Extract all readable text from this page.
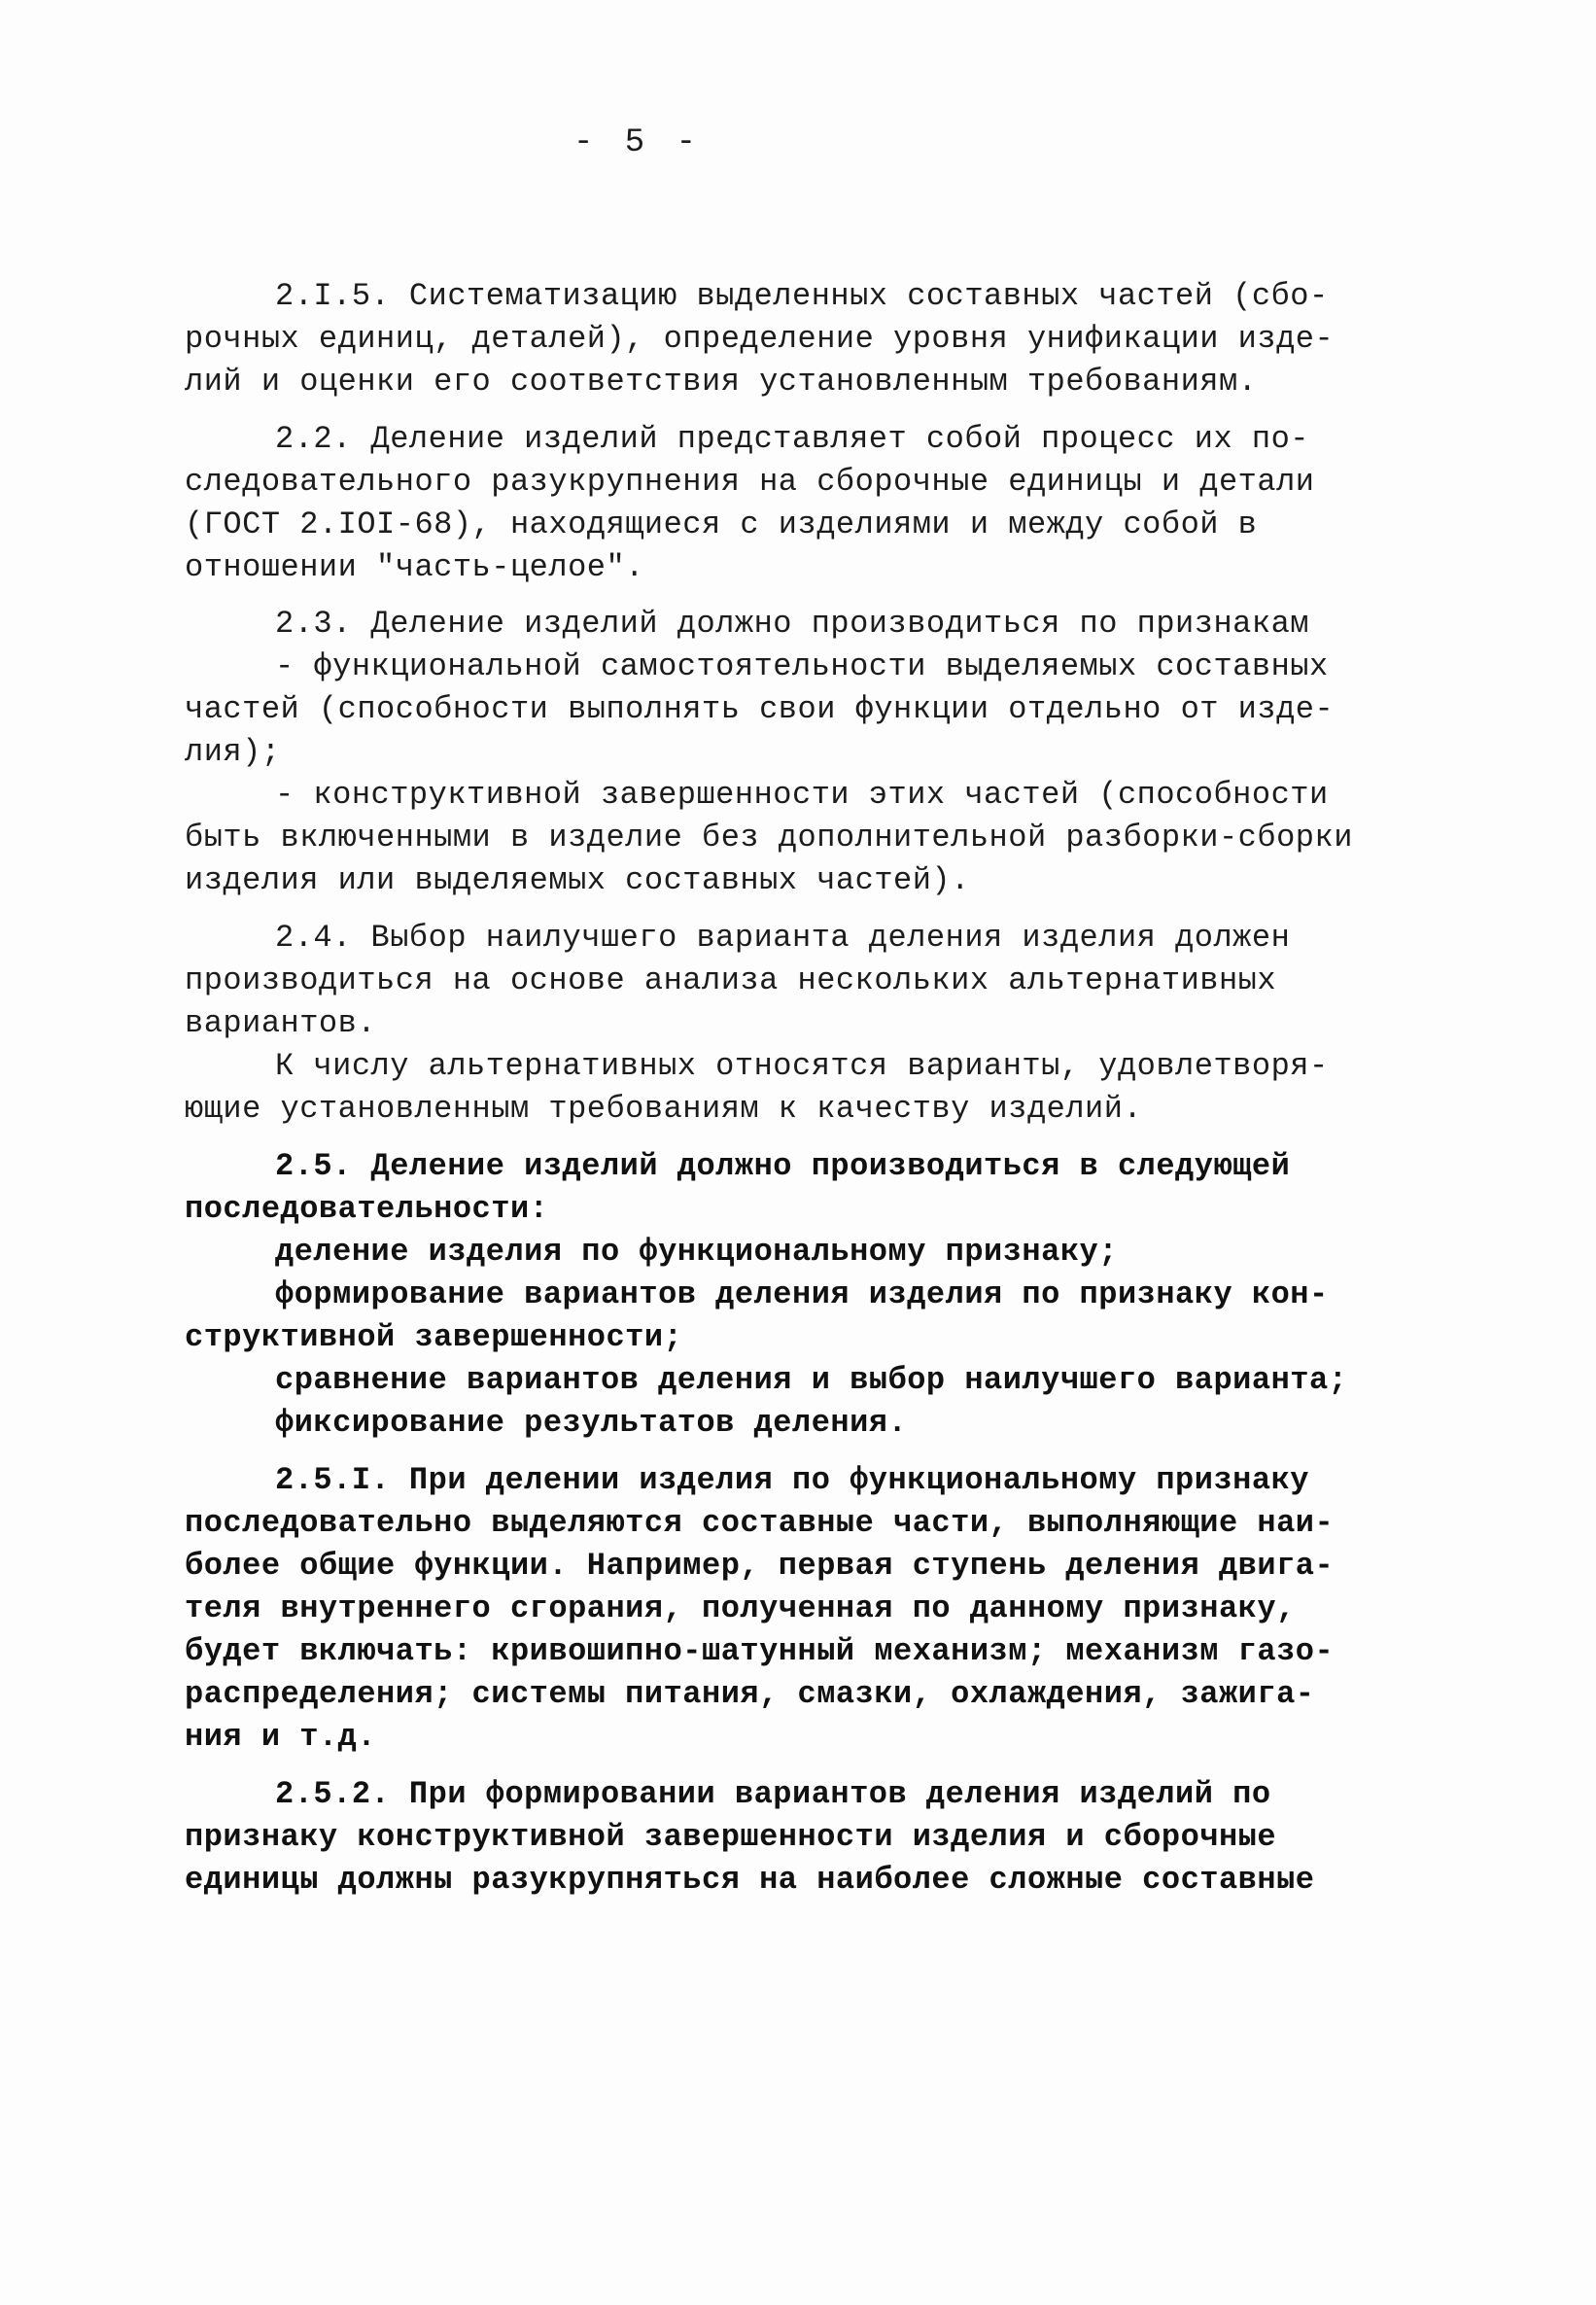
- 5 -
2.I.5. Систематизацию выделенных составных частей (сбо-
рочных единиц, деталей), определение уровня унификации изде-
лий и оценки его соответствия установленным требованиям.
2.2. Деление изделий представляет собой процесс их по-
следовательного разукрупнения на сборочные единицы и детали
(ГОСТ 2.IOI-68), находящиеся с изделиями и между собой в
отношении "часть-целое".
2.3. Деление изделий должно производиться по признакам
- функциональной самостоятельности выделяемых составных
частей (способности выполнять свои функции отдельно от изде-
лия);
- конструктивной завершенности этих частей (способности
быть включенными в изделие без дополнительной разборки-сборки
изделия или выделяемых составных частей).
2.4. Выбор наилучшего варианта деления изделия должен
производиться на основе анализа нескольких альтернативных
вариантов.
К числу альтернативных относятся варианты, удовлетворя-
ющие установленным требованиям к качеству изделий.
2.5. Деление изделий должно производиться в следующей
последовательности:
деление изделия по функциональному признаку;
формирование вариантов деления изделия по признаку кон-
структивной завершенности;
сравнение вариантов деления и выбор наилучшего варианта;
фиксирование результатов деления.
2.5.I. При делении изделия по функциональному признаку
последовательно выделяются составные части, выполняющие наи-
более общие функции. Например, первая ступень деления двига-
теля внутреннего сгорания, полученная по данному признаку,
будет включать: кривошипно-шатунный механизм; механизм газо-
распределения; системы питания, смазки, охлаждения, зажига-
ния и т.д.
2.5.2. При формировании вариантов деления изделий по
признаку конструктивной завершенности изделия и сборочные
единицы должны разукрупняться на наиболее сложные составные
